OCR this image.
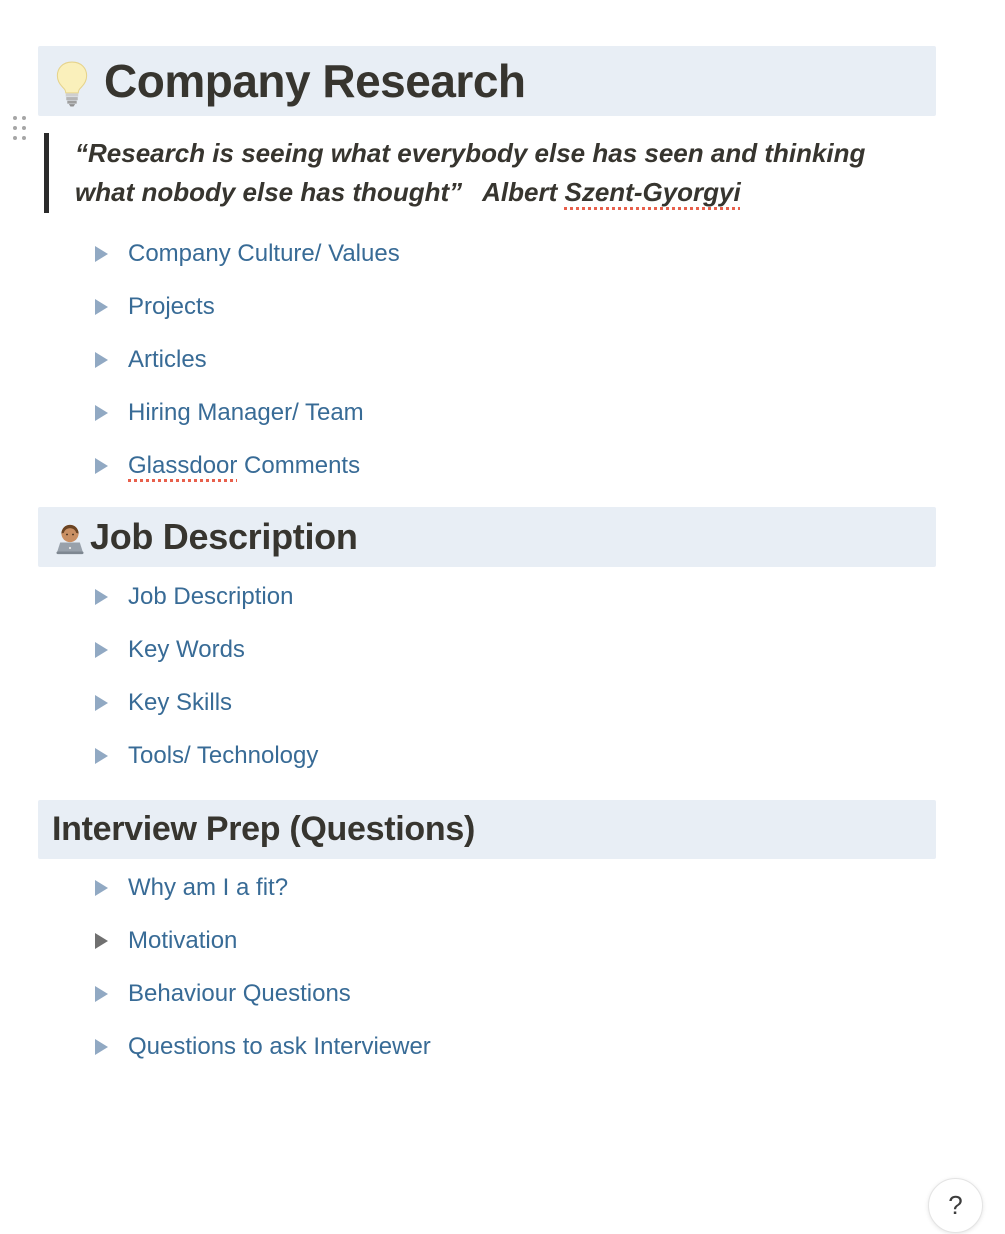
Company Research
“Research is seeing what everybody else has seen and thinking
what nobody else has thought” Albert Szent-Gyorgyi
Company Culture/ Values
Projects
Articles
Hiring Manager/ Team
Glassdoor Comments
Job Description
Job Description
Key Words
Key Skills
Tools/ Technology
Interview Prep (Questions)
Why am I a fit?
Motivation
Behaviour Questions
Questions to ask Interviewer
?
